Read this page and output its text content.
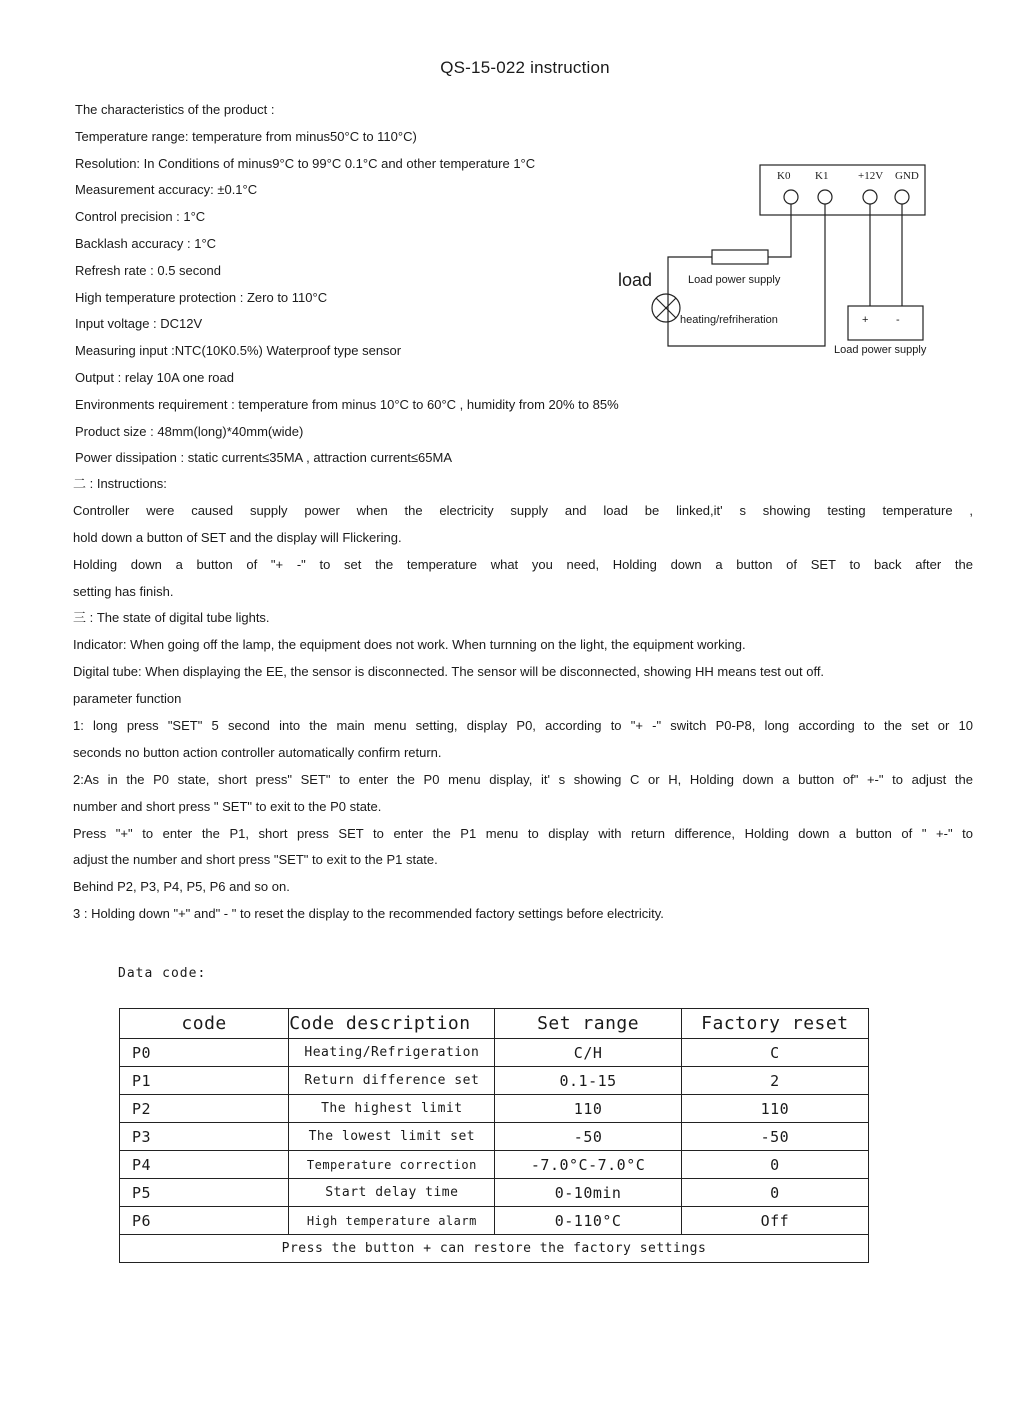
QS-15-022 instruction

The characteristics of the product :

Temperature range: temperature from minus50°C to 110°C)

Resolution: In Conditions of minus9°C to 99°C 0.1°C and other temperature 1°C

Measurement accuracy: ±0.1°C

Control precision : 1°C

Backlash accuracy : 1°C

Refresh rate : 0.5 second

High temperature protection : Zero to 110°C

Input voltage : DC12V

Measuring input :NTC(10K0.5%) Waterproof type sensor

Output : relay 10A one road

Environments requirement : temperature from minus 10°C to 60°C , humidity from 20% to 85%

Product size : 48mm(long)*40mm(wide)

Power dissipation : static current≤35MA , attraction current≤65MA

K0 K1	+12V GND
load	Load power supply
heating/refriheration	+	-
Load power supply

二 : Instructions:

Controller were caused supply power when the electricity supply and load be linked,it' s showing testing temperature ,

hold down a button of SET and the display will Flickering.

Holding down a button of "+ -" to set the temperature what you need, Holding down a button of SET to back after the

setting has finish.

三 : The state of digital tube lights.

Indicator: When going off the lamp, the equipment does not work. When turnning on the light, the equipment working.

Digital tube: When displaying the EE, the sensor is disconnected. The sensor will be disconnected, showing HH means test out off.

parameter function

1: long press "SET" 5 second into the main menu setting, display P0, according to "+ -" switch P0-P8, long according to the set or 10

seconds no button action controller automatically confirm return.

2:As in the P0 state, short press" SET" to enter the P0 menu display, it' s showing C or H, Holding down a button of" +-" to adjust the

number and short press " SET" to exit to the P0 state.

Press "+" to enter the P1, short press SET to enter the P1 menu to display with return difference, Holding down a button of " +-" to

adjust the number and short press "SET" to exit to the P1 state.

Behind P2, P3, P4, P5, P6 and so on.

3 : Holding down "+" and" - " to reset the display to the recommended factory settings before electricity.

Data code:
code	Code description	Set range	Factory reset
P0	Heating/Refrigeration	C/H	C
P1	Return difference set	0.1-15	2
P2	The highest limit	110	110
P3	The lowest limit set	-50	-50
P4	Temperature correction	-7.0°C-7.0°C	0
P5	Start delay time	0-10min	0
P6	High temperature alarm	0-110°C	Off
Press the button + can restore the factory settings			
